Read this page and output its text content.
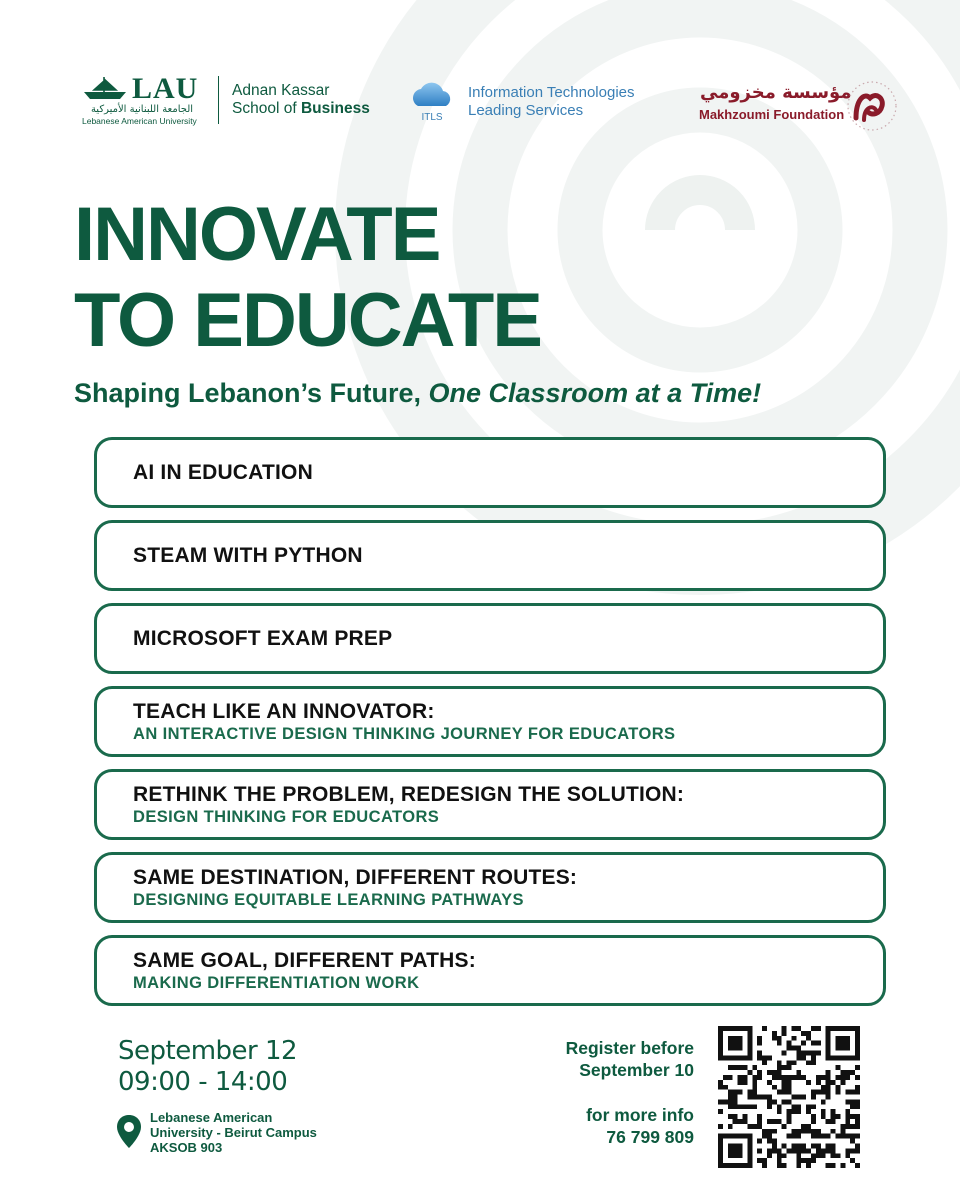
LAU
الجامعة اللبنانية الأميركية
Lebanese American University
Adnan Kassar
School of Business
ITLS
Information Technologies
Leading Services
مؤسسة مخزومي
Makhzoumi Foundation
INNOVATE
TO EDUCATE
Shaping Lebanon’s Future, One Classroom at a Time!
AI IN EDUCATION
STEAM WITH PYTHON
MICROSOFT EXAM PREP
TEACH LIKE AN INNOVATOR:
AN INTERACTIVE DESIGN THINKING JOURNEY FOR EDUCATORS
RETHINK THE PROBLEM, REDESIGN THE SOLUTION:
DESIGN THINKING FOR EDUCATORS
SAME DESTINATION, DIFFERENT ROUTES:
DESIGNING EQUITABLE LEARNING PATHWAYS
SAME GOAL, DIFFERENT PATHS:
MAKING DIFFERENTIATION WORK
September 12
09:00 - 14:00
Lebanese American
University - Beirut Campus
AKSOB 903
Register before
September 10
for more info
76 799 809
